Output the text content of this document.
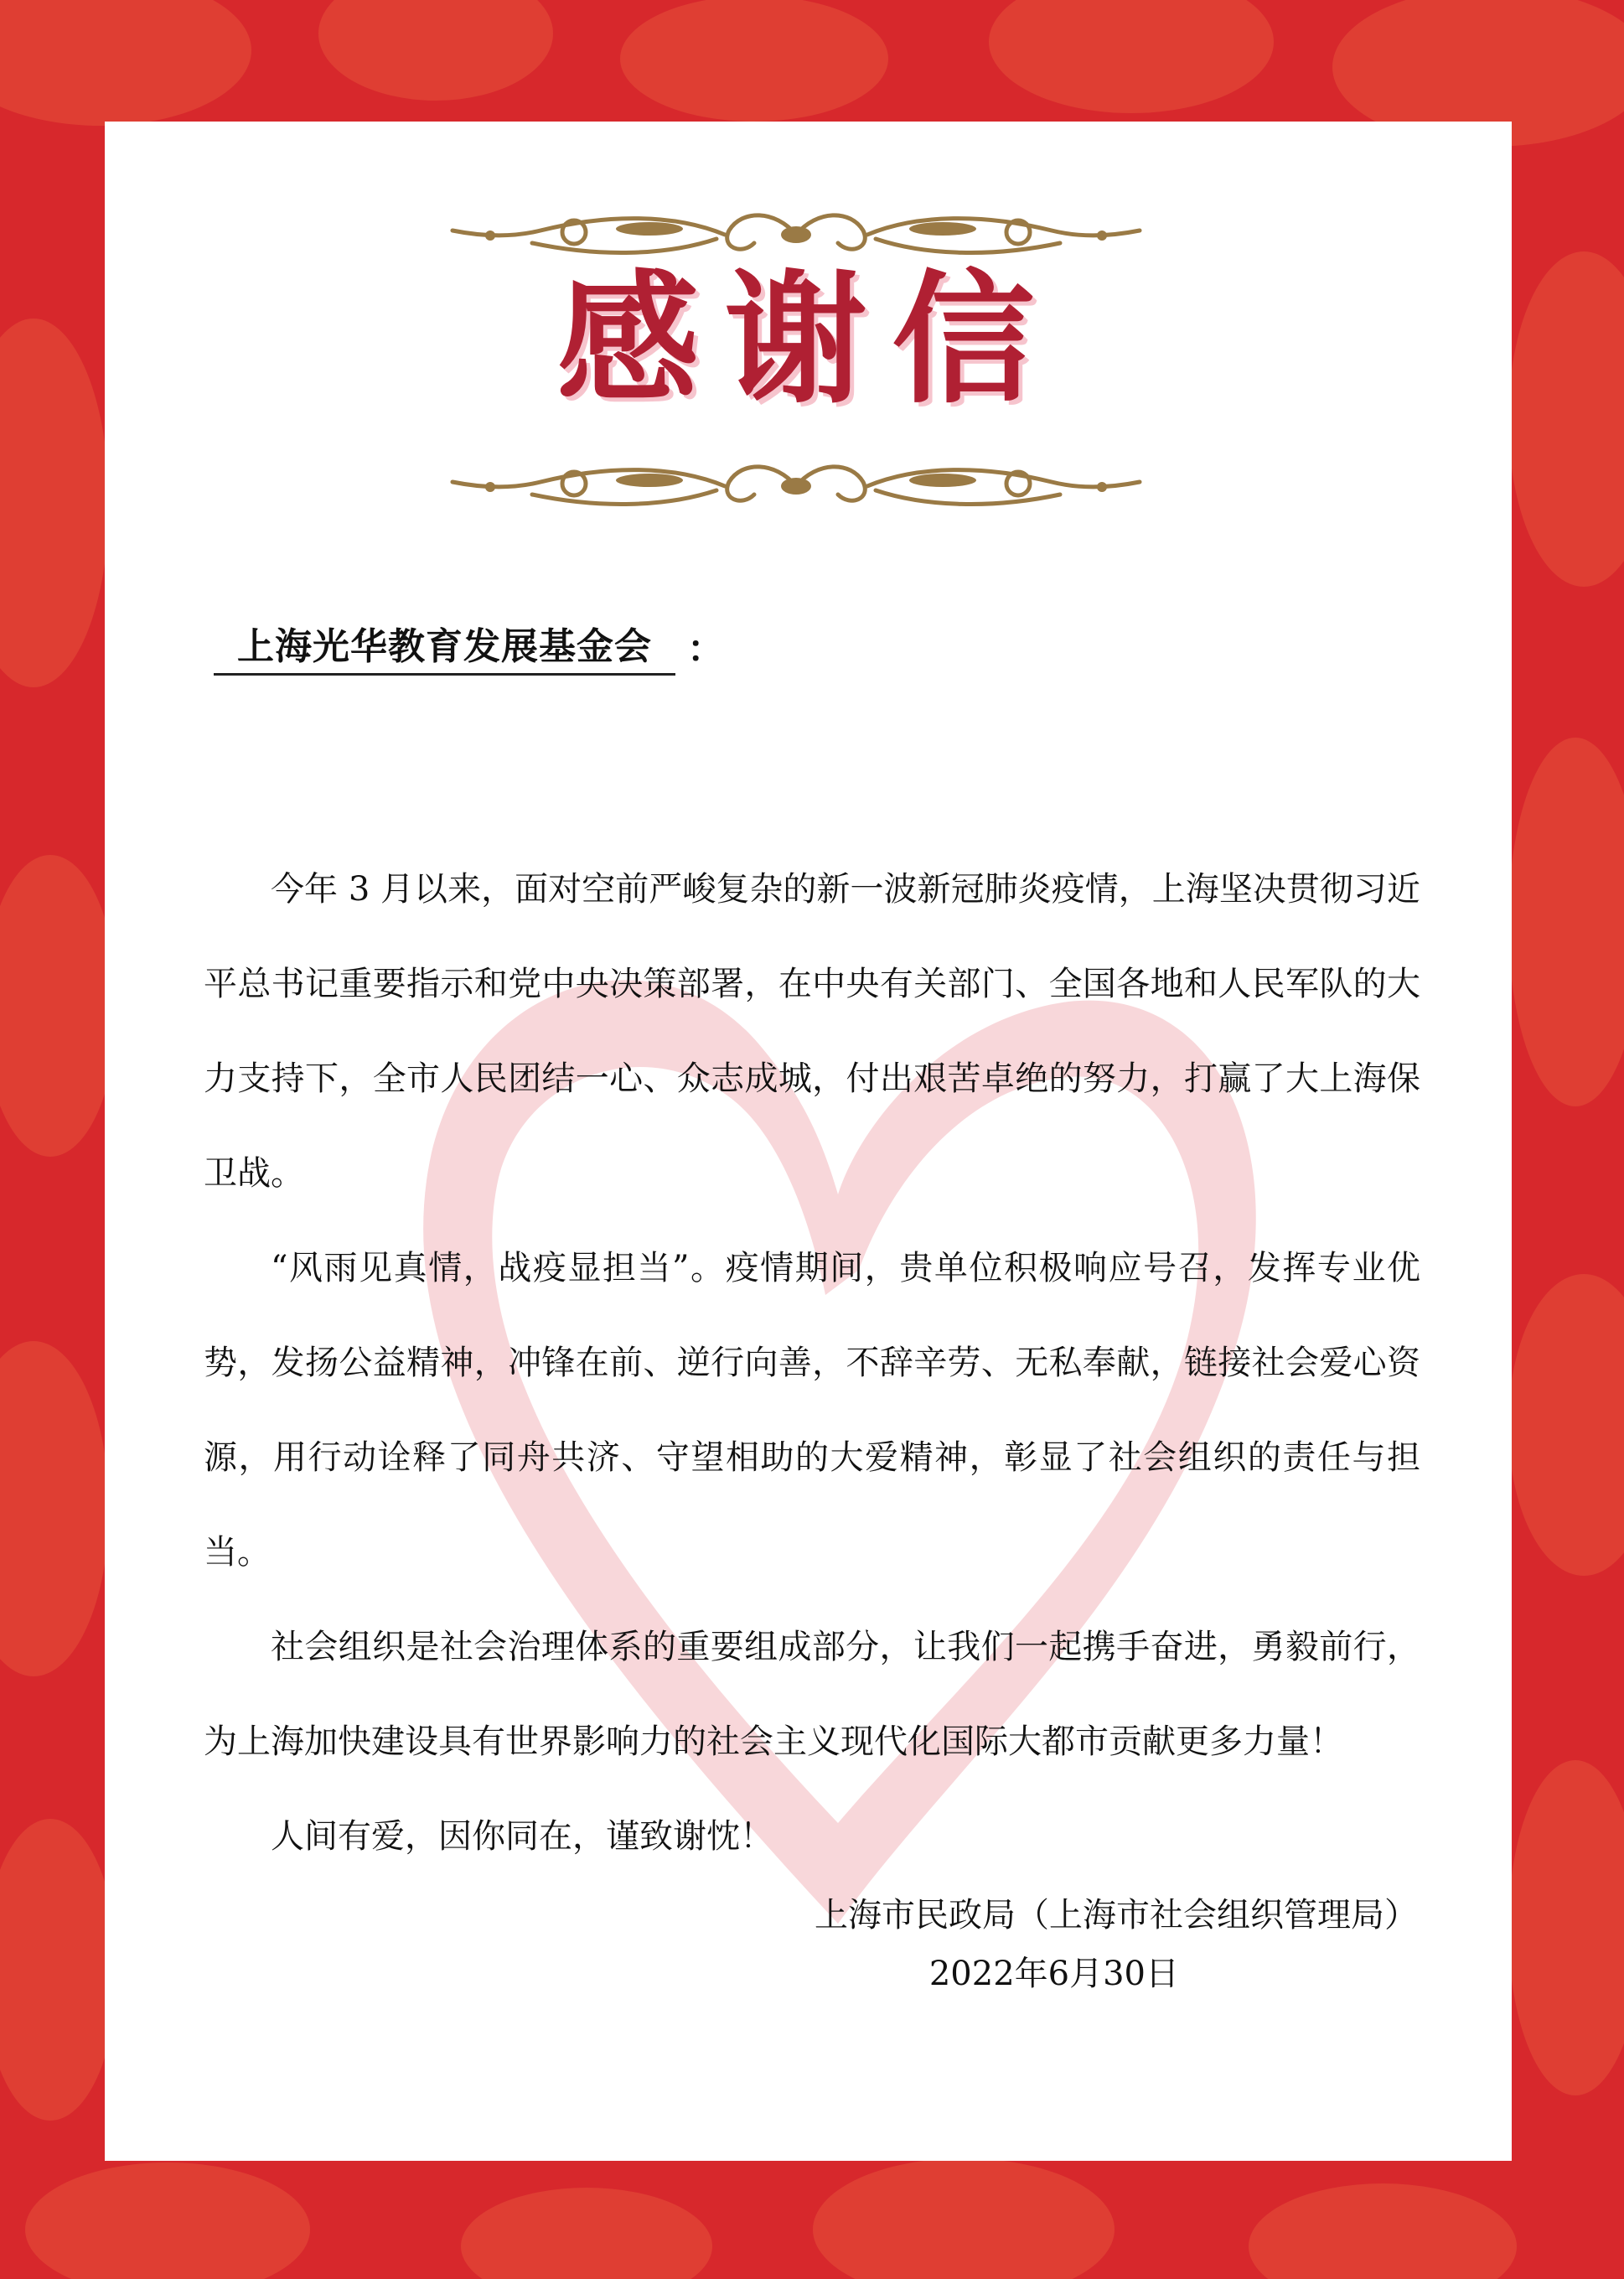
感谢信
上海光华教育发展基金会 ：

今年 3 月以来，面对空前严峻复杂的新一波新冠肺炎疫情，上海坚决贯彻习近平总书记重要指示和党中央决策部署，在中央有关部门、全国各地和人民军队的大力支持下，全市人民团结一心、众志成城，付出艰苦卓绝的努力，打赢了大上海保卫战。

“风雨见真情，战疫显担当”。疫情期间，贵单位积极响应号召，发挥专业优势，发扬公益精神，冲锋在前、逆行向善，不辞辛劳、无私奉献，链接社会爱心资源，用行动诠释了同舟共济、守望相助的大爱精神，彰显了社会组织的责任与担当。

社会组织是社会治理体系的重要组成部分，让我们一起携手奋进，勇毅前行，为上海加快建设具有世界影响力的社会主义现代化国际大都市贡献更多力量！

人间有爱，因你同在，谨致谢忱！

上海市民政局（上海市社会组织管理局）
2022年6月30日
